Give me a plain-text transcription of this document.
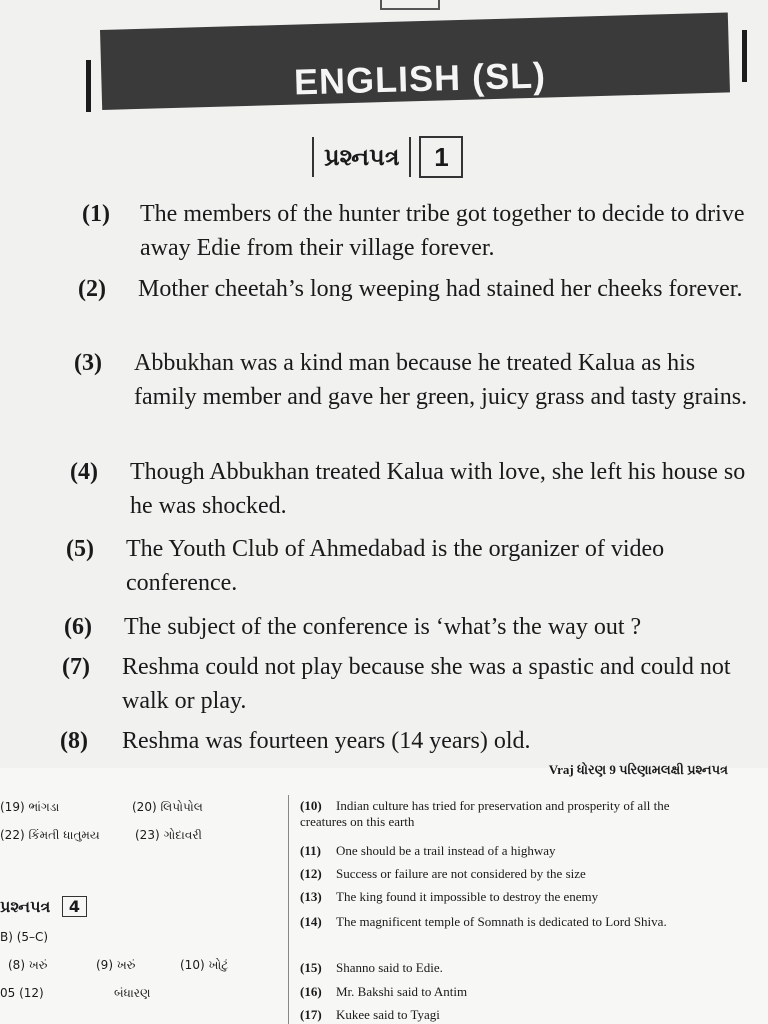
ENGLISH (SL)
પ્રશ્નપત્ર	1
(1) The members of the hunter tribe got together to decide to drive away Edie from their village forever.
(2) Mother cheetah’s long weeping had stained her cheeks forever.
(3) Abbukhan was a kind man because he treated Kalua as his family member and gave her green, juicy grass and tasty grains.
(4) Though Abbukhan treated Kalua with love, she left his house so he was shocked.
(5) The Youth Club of Ahmedabad is the organizer of video conference.
(6) The subject of the conference is ‘what’s the way out ?
(7) Reshma could not play because she was a spastic and could not walk or play.
(8) Reshma was fourteen years (14 years) old.
Vraj ધોરણ 9 પરિણામલક્ષી પ્રશ્નપત્ર
(19) ભાંગડા	(20) લિપોપોલ
(22) કિંમતી ધાતુમય	(23) ગોદાવરી
પ્રશ્નપત્ર 4
B) (5–C)
(8) ખરું	(9) ખરું	(10) ખોટું
05 (12)	બંધારણ
(10) Indian culture has tried for preservation and prosperity of all the creatures on this earth
(11) One should be a trail instead of a highway
(12) Success or failure are not considered by the size
(13) The king found it impossible to destroy the enemy
(14) The magnificent temple of Somnath is dedicated to Lord Shiva.
(15) Shanno said to Edie.
(16) Mr. Bakshi said to Antim
(17) Kukee said to Tyagi
